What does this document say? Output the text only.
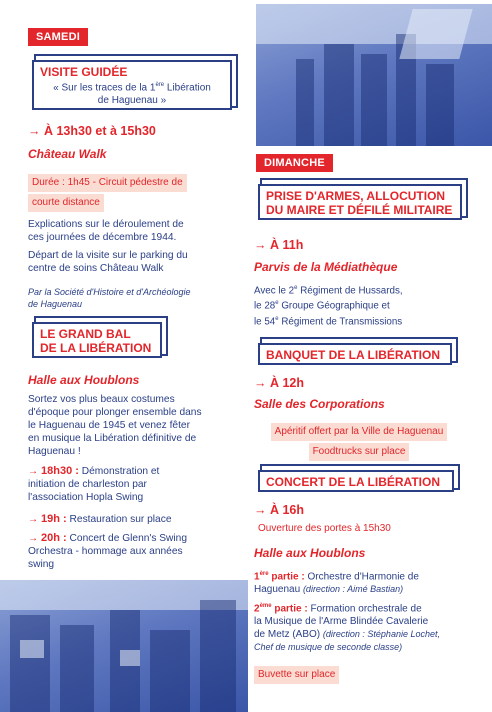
SAMEDI
VISITE GUIDÉE
« Sur les traces de la 1ère Libération
de Haguenau »
→ À 13h30 et à 15h30
Château Walk
Durée : 1h45 - Circuit pédestre de
courte distance
Explications sur le déroulement de
ces journées de décembre 1944.
Départ de la visite sur le parking du
centre de soins Château Walk
Par la Société d'Histoire et d'Archéologie
de Haguenau
LE GRAND BAL
DE LA LIBÉRATION
Halle aux Houblons
Sortez vos plus beaux costumes
d'époque pour plonger ensemble dans
le Haguenau de 1945 et venez fêter
en musique la Libération définitive de
Haguenau !
→ 18h30 : Démonstration et
initiation de charleston par
l'association Hopla Swing
→ 19h : Restauration sur place
→ 20h : Concert de Glenn's Swing
Orchestra - hommage aux années
swing
DIMANCHE
PRISE D'ARMES, ALLOCUTION
DU MAIRE ET DÉFILÉ MILITAIRE
→ À 11h
Parvis de la Médiathèque
Avec le 2e Régiment de Hussards,
le 28e Groupe Géographique et
le 54e Régiment de Transmissions
BANQUET DE LA LIBÉRATION
→ À 12h
Salle des Corporations
Apéritif offert par la Ville de Haguenau
Foodtrucks sur place
CONCERT DE LA LIBÉRATION
→ À 16h
Ouverture des portes à 15h30
Halle aux Houblons
1ère partie : Orchestre d'Harmonie de
Haguenau (direction : Aimé Bastian)
2ème partie : Formation orchestrale de
la Musique de l'Arme Blindée Cavalerie
de Metz (ABO) (direction : Stéphanie Lochet,
Chef de musique de seconde classe)
Buvette sur place
